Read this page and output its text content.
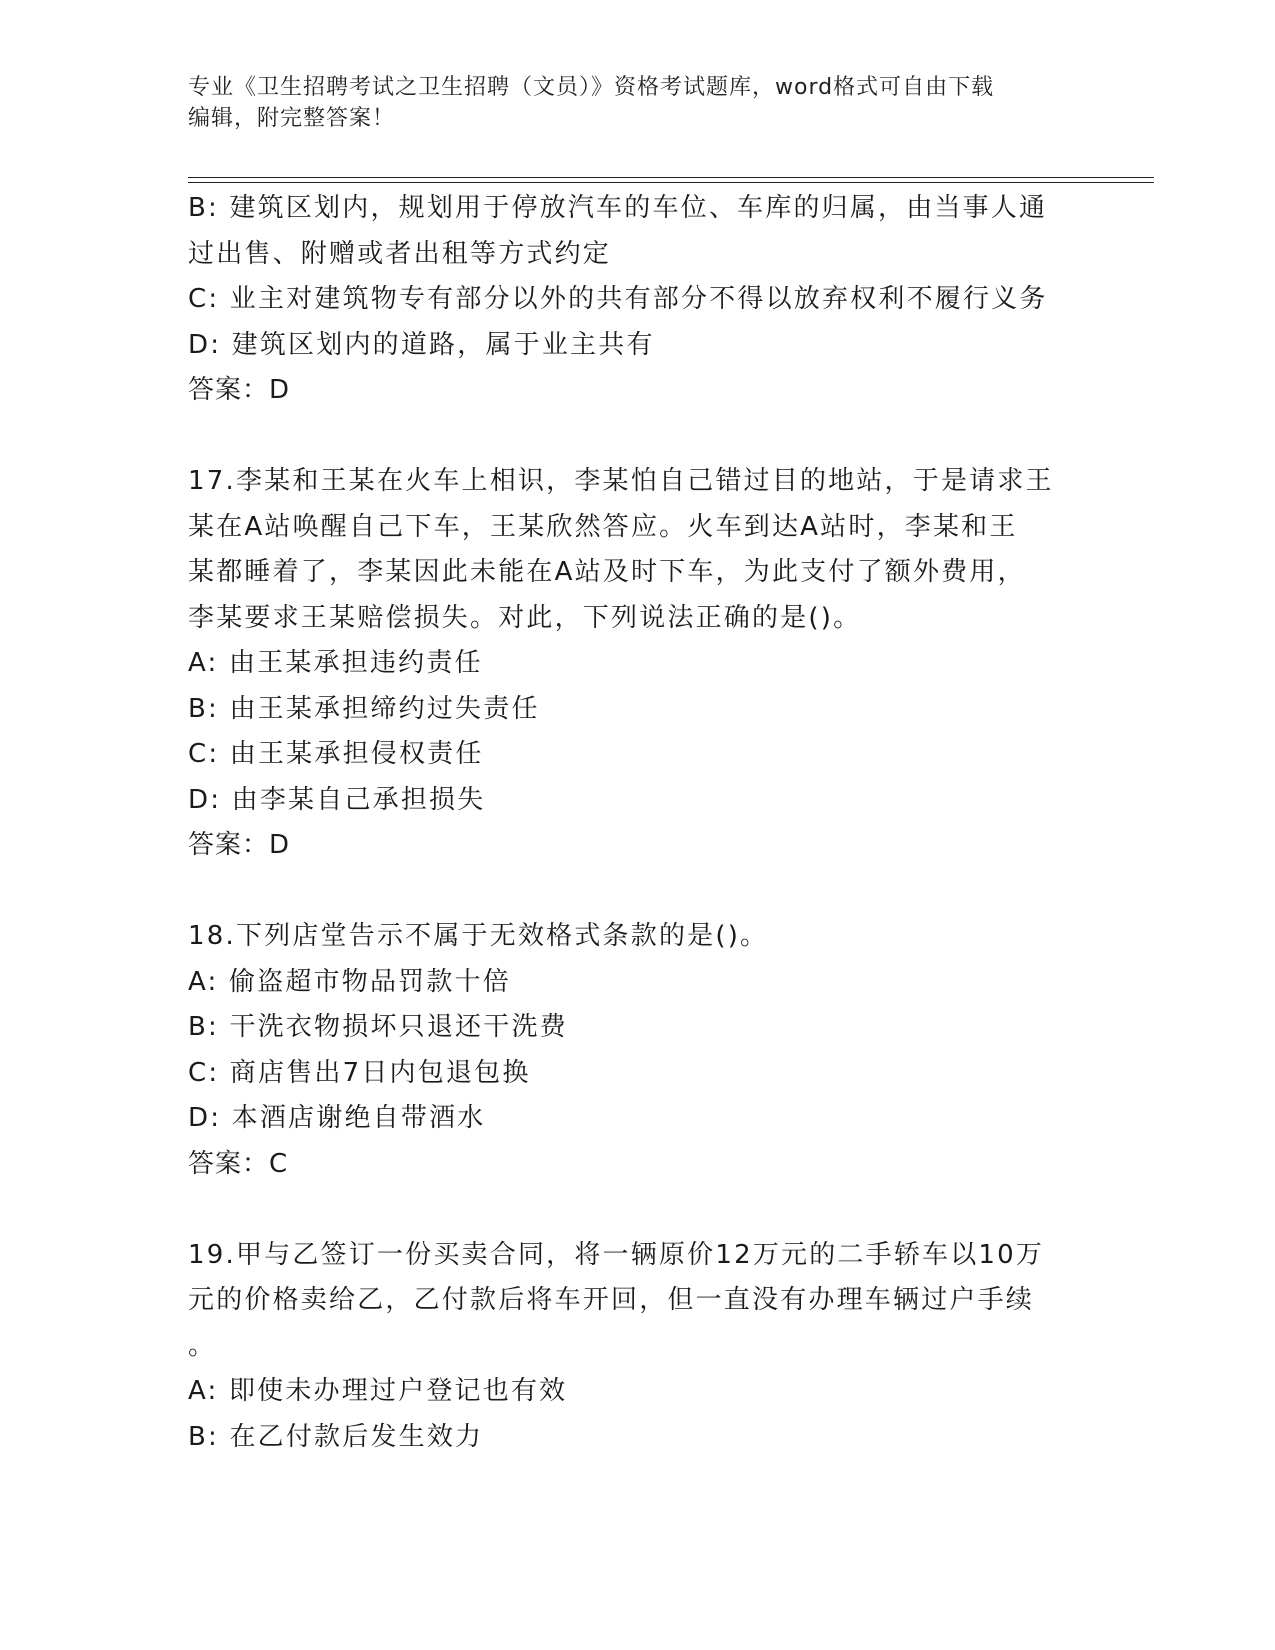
专业《卫生招聘考试之卫生招聘（文员）》资格考试题库，word格式可自由下载
编辑，附完整答案！
B: 建筑区划内，规划用于停放汽车的车位、车库的归属，由当事人通
过出售、附赠或者出租等方式约定
C: 业主对建筑物专有部分以外的共有部分不得以放弃权利不履行义务
D: 建筑区划内的道路，属于业主共有
答案：D
17.李某和王某在火车上相识，李某怕自己错过目的地站，于是请求王
某在A站唤醒自己下车，王某欣然答应。火车到达A站时，李某和王
某都睡着了，李某因此未能在A站及时下车，为此支付了额外费用，
李某要求王某赔偿损失。对此，下列说法正确的是()。
A: 由王某承担违约责任
B: 由王某承担缔约过失责任
C: 由王某承担侵权责任
D: 由李某自己承担损失
答案：D
18.下列店堂告示不属于无效格式条款的是()。
A: 偷盗超市物品罚款十倍
B: 干洗衣物损坏只退还干洗费
C: 商店售出7日内包退包换
D: 本酒店谢绝自带酒水
答案：C
19.甲与乙签订一份买卖合同，将一辆原价12万元的二手轿车以10万
元的价格卖给乙，乙付款后将车开回，但一直没有办理车辆过户手续
。
A: 即使未办理过户登记也有效
B: 在乙付款后发生效力
